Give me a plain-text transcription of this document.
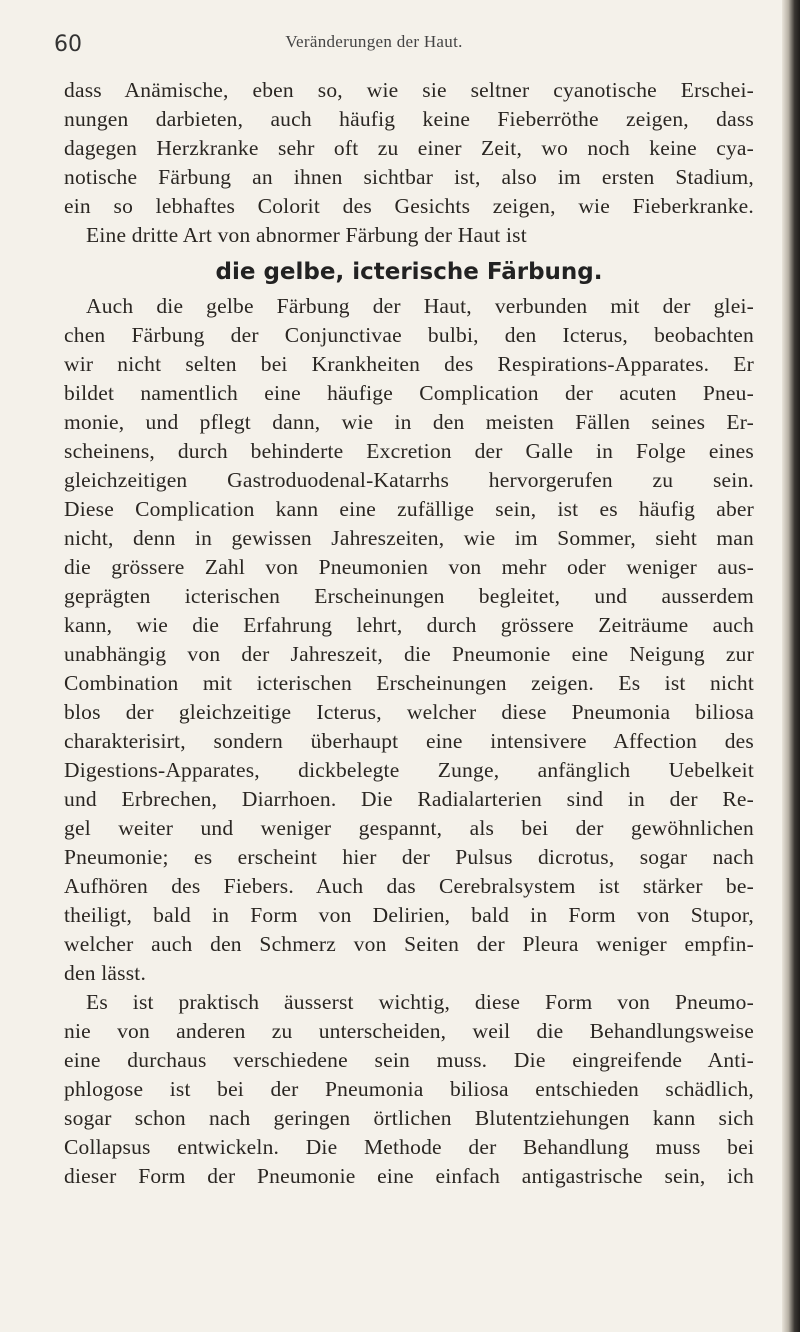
60	Veränderungen der Haut.
dass Anämische, eben so, wie sie seltner cyanotische Erschei-
nungen darbieten, auch häufig keine Fieberröthe zeigen, dass
dagegen Herzkranke sehr oft zu einer Zeit, wo noch keine cya-
notische Färbung an ihnen sichtbar ist, also im ersten Stadium,
ein so lebhaftes Colorit des Gesichts zeigen, wie Fieberkranke.
Eine dritte Art von abnormer Färbung der Haut ist
die gelbe, icterische Färbung.
Auch die gelbe Färbung der Haut, verbunden mit der glei-
chen Färbung der Conjunctivae bulbi, den Icterus, beobachten
wir nicht selten bei Krankheiten des Respirations-Apparates. Er
bildet namentlich eine häufige Complication der acuten Pneu-
monie, und pflegt dann, wie in den meisten Fällen seines Er-
scheinens, durch behinderte Excretion der Galle in Folge eines
gleichzeitigen Gastroduodenal-Katarrhs hervorgerufen zu sein.
Diese Complication kann eine zufällige sein, ist es häufig aber
nicht, denn in gewissen Jahreszeiten, wie im Sommer, sieht man
die grössere Zahl von Pneumonien von mehr oder weniger aus-
geprägten icterischen Erscheinungen begleitet, und ausserdem
kann, wie die Erfahrung lehrt, durch grössere Zeiträume auch
unabhängig von der Jahreszeit, die Pneumonie eine Neigung zur
Combination mit icterischen Erscheinungen zeigen. Es ist nicht
blos der gleichzeitige Icterus, welcher diese Pneumonia biliosa
charakterisirt, sondern überhaupt eine intensivere Affection des
Digestions-Apparates, dickbelegte Zunge, anfänglich Uebelkeit
und Erbrechen, Diarrhoen. Die Radialarterien sind in der Re-
gel weiter und weniger gespannt, als bei der gewöhnlichen
Pneumonie; es erscheint hier der Pulsus dicrotus, sogar nach
Aufhören des Fiebers. Auch das Cerebralsystem ist stärker be-
theiligt, bald in Form von Delirien, bald in Form von Stupor,
welcher auch den Schmerz von Seiten der Pleura weniger empfin-
den lässt.
Es ist praktisch äusserst wichtig, diese Form von Pneumo-
nie von anderen zu unterscheiden, weil die Behandlungsweise
eine durchaus verschiedene sein muss. Die eingreifende Anti-
phlogose ist bei der Pneumonia biliosa entschieden schädlich,
sogar schon nach geringen örtlichen Blutentziehungen kann sich
Collapsus entwickeln. Die Methode der Behandlung muss bei
dieser Form der Pneumonie eine einfach antigastrische sein, ich
